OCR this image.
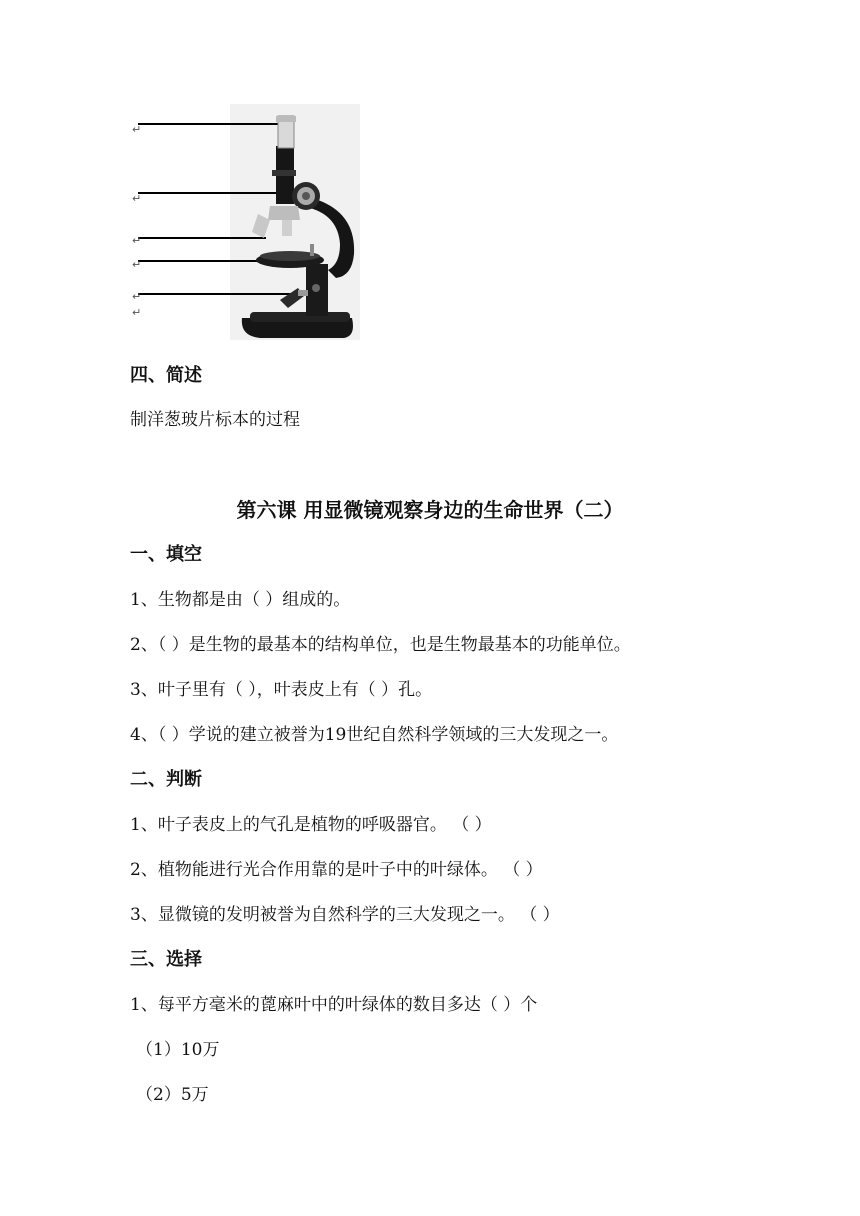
↵
↵
↵
↵
↵
↵
四、简述
制洋葱玻片标本的过程
第六课 用显微镜观察身边的生命世界（二）
一、填空
1、生物都是由（ ）组成的。
2、（ ）是生物的最基本的结构单位，也是生物最基本的功能单位。
3、叶子里有（ ），叶表皮上有（ ）孔。
4、（ ）学说的建立被誉为19世纪自然科学领域的三大发现之一。
二、判断
1、叶子表皮上的气孔是植物的呼吸器官。 （ ）
2、植物能进行光合作用靠的是叶子中的叶绿体。 （ ）
3、显微镜的发明被誉为自然科学的三大发现之一。 （ ）
三、选择
1、每平方毫米的蓖麻叶中的叶绿体的数目多达（ ）个
（1）10万
（2）5万
